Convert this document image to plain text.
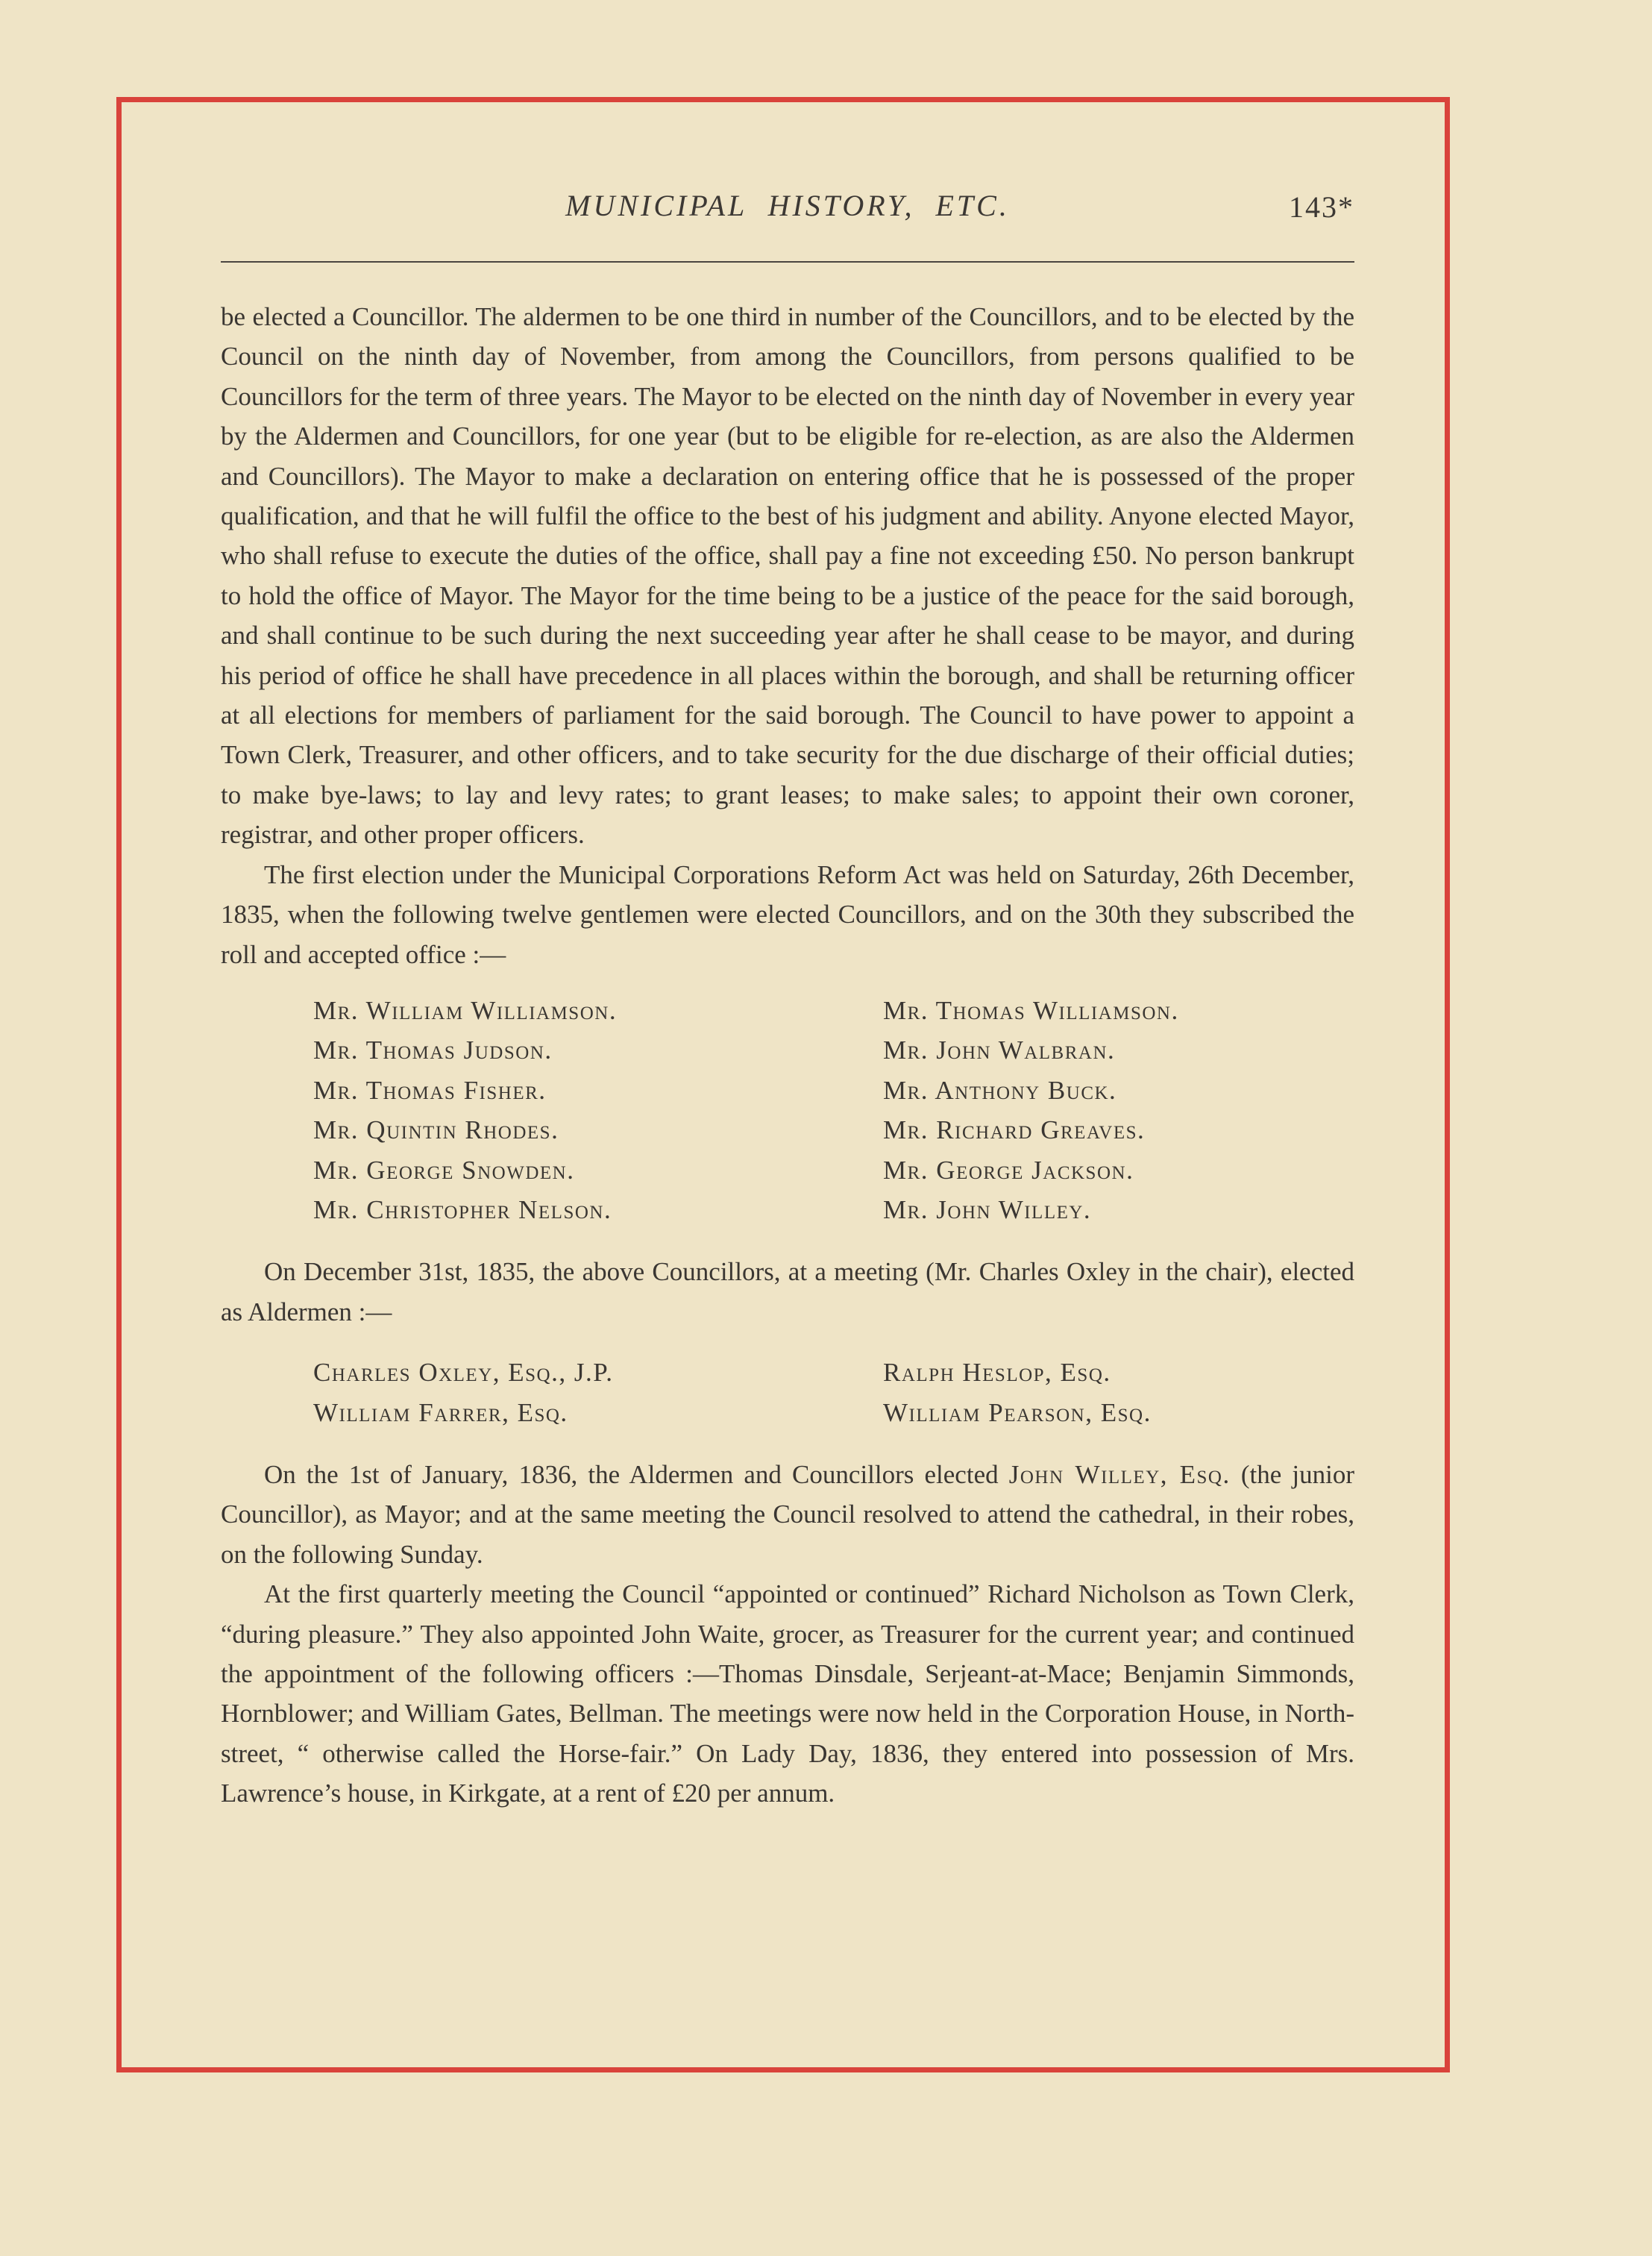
MUNICIPAL HISTORY, ETC.	143*

be elected a Councillor. The aldermen to be one third in number of the Councillors, and to be elected by the Council on the ninth day of November, from among the Councillors, from persons qualified to be Councillors for the term of three years. The Mayor to be elected on the ninth day of November in every year by the Aldermen and Councillors, for one year (but to be eligible for re-election, as are also the Aldermen and Councillors). The Mayor to make a declaration on entering office that he is possessed of the proper qualification, and that he will fulfil the office to the best of his judgment and ability. Anyone elected Mayor, who shall refuse to execute the duties of the office, shall pay a fine not exceeding £50. No person bankrupt to hold the office of Mayor. The Mayor for the time being to be a justice of the peace for the said borough, and shall continue to be such during the next succeeding year after he shall cease to be mayor, and during his period of office he shall have precedence in all places within the borough, and shall be returning officer at all elections for members of parliament for the said borough. The Council to have power to appoint a Town Clerk, Treasurer, and other officers, and to take security for the due discharge of their official duties; to make bye-laws; to lay and levy rates; to grant leases; to make sales; to appoint their own coroner, registrar, and other proper officers.

The first election under the Municipal Corporations Reform Act was held on Saturday, 26th December, 1835, when the following twelve gentlemen were elected Councillors, and on the 30th they subscribed the roll and accepted office :—

Mr. William Williamson.	Mr. Thomas Williamson.
Mr. Thomas Judson.	Mr. John Walbran.
Mr. Thomas Fisher.	Mr. Anthony Buck.
Mr. Quintin Rhodes.	Mr. Richard Greaves.
Mr. George Snowden.	Mr. George Jackson.
Mr. Christopher Nelson.	Mr. John Willey.

On December 31st, 1835, the above Councillors, at a meeting (Mr. Charles Oxley in the chair), elected as Aldermen :—

Charles Oxley, Esq., J.P.	Ralph Heslop, Esq.
William Farrer, Esq.	William Pearson, Esq.

On the 1st of January, 1836, the Aldermen and Councillors elected John Willey, Esq. (the junior Councillor), as Mayor; and at the same meeting the Council resolved to attend the cathedral, in their robes, on the following Sunday.

At the first quarterly meeting the Council “appointed or continued” Richard Nicholson as Town Clerk, “during pleasure.” They also appointed John Waite, grocer, as Treasurer for the current year; and continued the appointment of the following officers :—Thomas Dinsdale, Serjeant-at-Mace; Benjamin Simmonds, Hornblower; and William Gates, Bellman. The meetings were now held in the Corporation House, in North-street, “ otherwise called the Horse-fair.” On Lady Day, 1836, they entered into possession of Mrs. Lawrence’s house, in Kirkgate, at a rent of £20 per annum.
